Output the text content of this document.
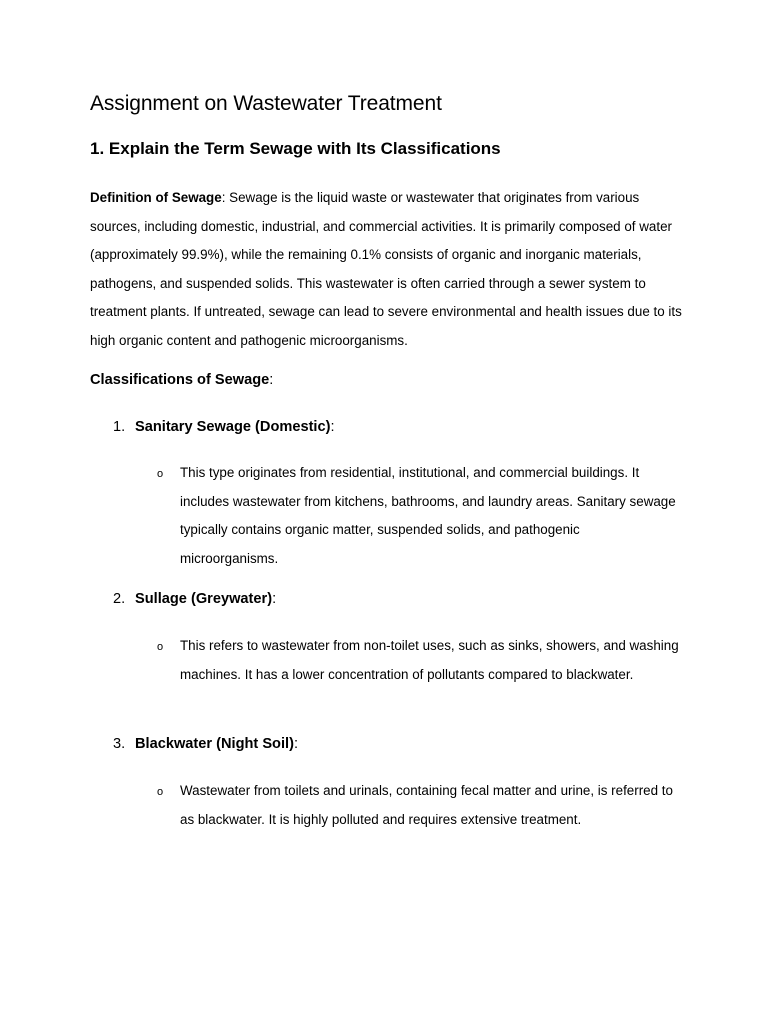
Assignment on Wastewater Treatment
1. Explain the Term Sewage with Its Classifications
Definition of Sewage: Sewage is the liquid waste or wastewater that originates from various sources, including domestic, industrial, and commercial activities. It is primarily composed of water (approximately 99.9%), while the remaining 0.1% consists of organic and inorganic materials, pathogens, and suspended solids. This wastewater is often carried through a sewer system to treatment plants. If untreated, sewage can lead to severe environmental and health issues due to its high organic content and pathogenic microorganisms.
Classifications of Sewage:
1. Sanitary Sewage (Domestic):
o This type originates from residential, institutional, and commercial buildings. It includes wastewater from kitchens, bathrooms, and laundry areas. Sanitary sewage typically contains organic matter, suspended solids, and pathogenic microorganisms.
2. Sullage (Greywater):
o This refers to wastewater from non-toilet uses, such as sinks, showers, and washing machines. It has a lower concentration of pollutants compared to blackwater.
3. Blackwater (Night Soil):
o Wastewater from toilets and urinals, containing fecal matter and urine, is referred to as blackwater. It is highly polluted and requires extensive treatment.
